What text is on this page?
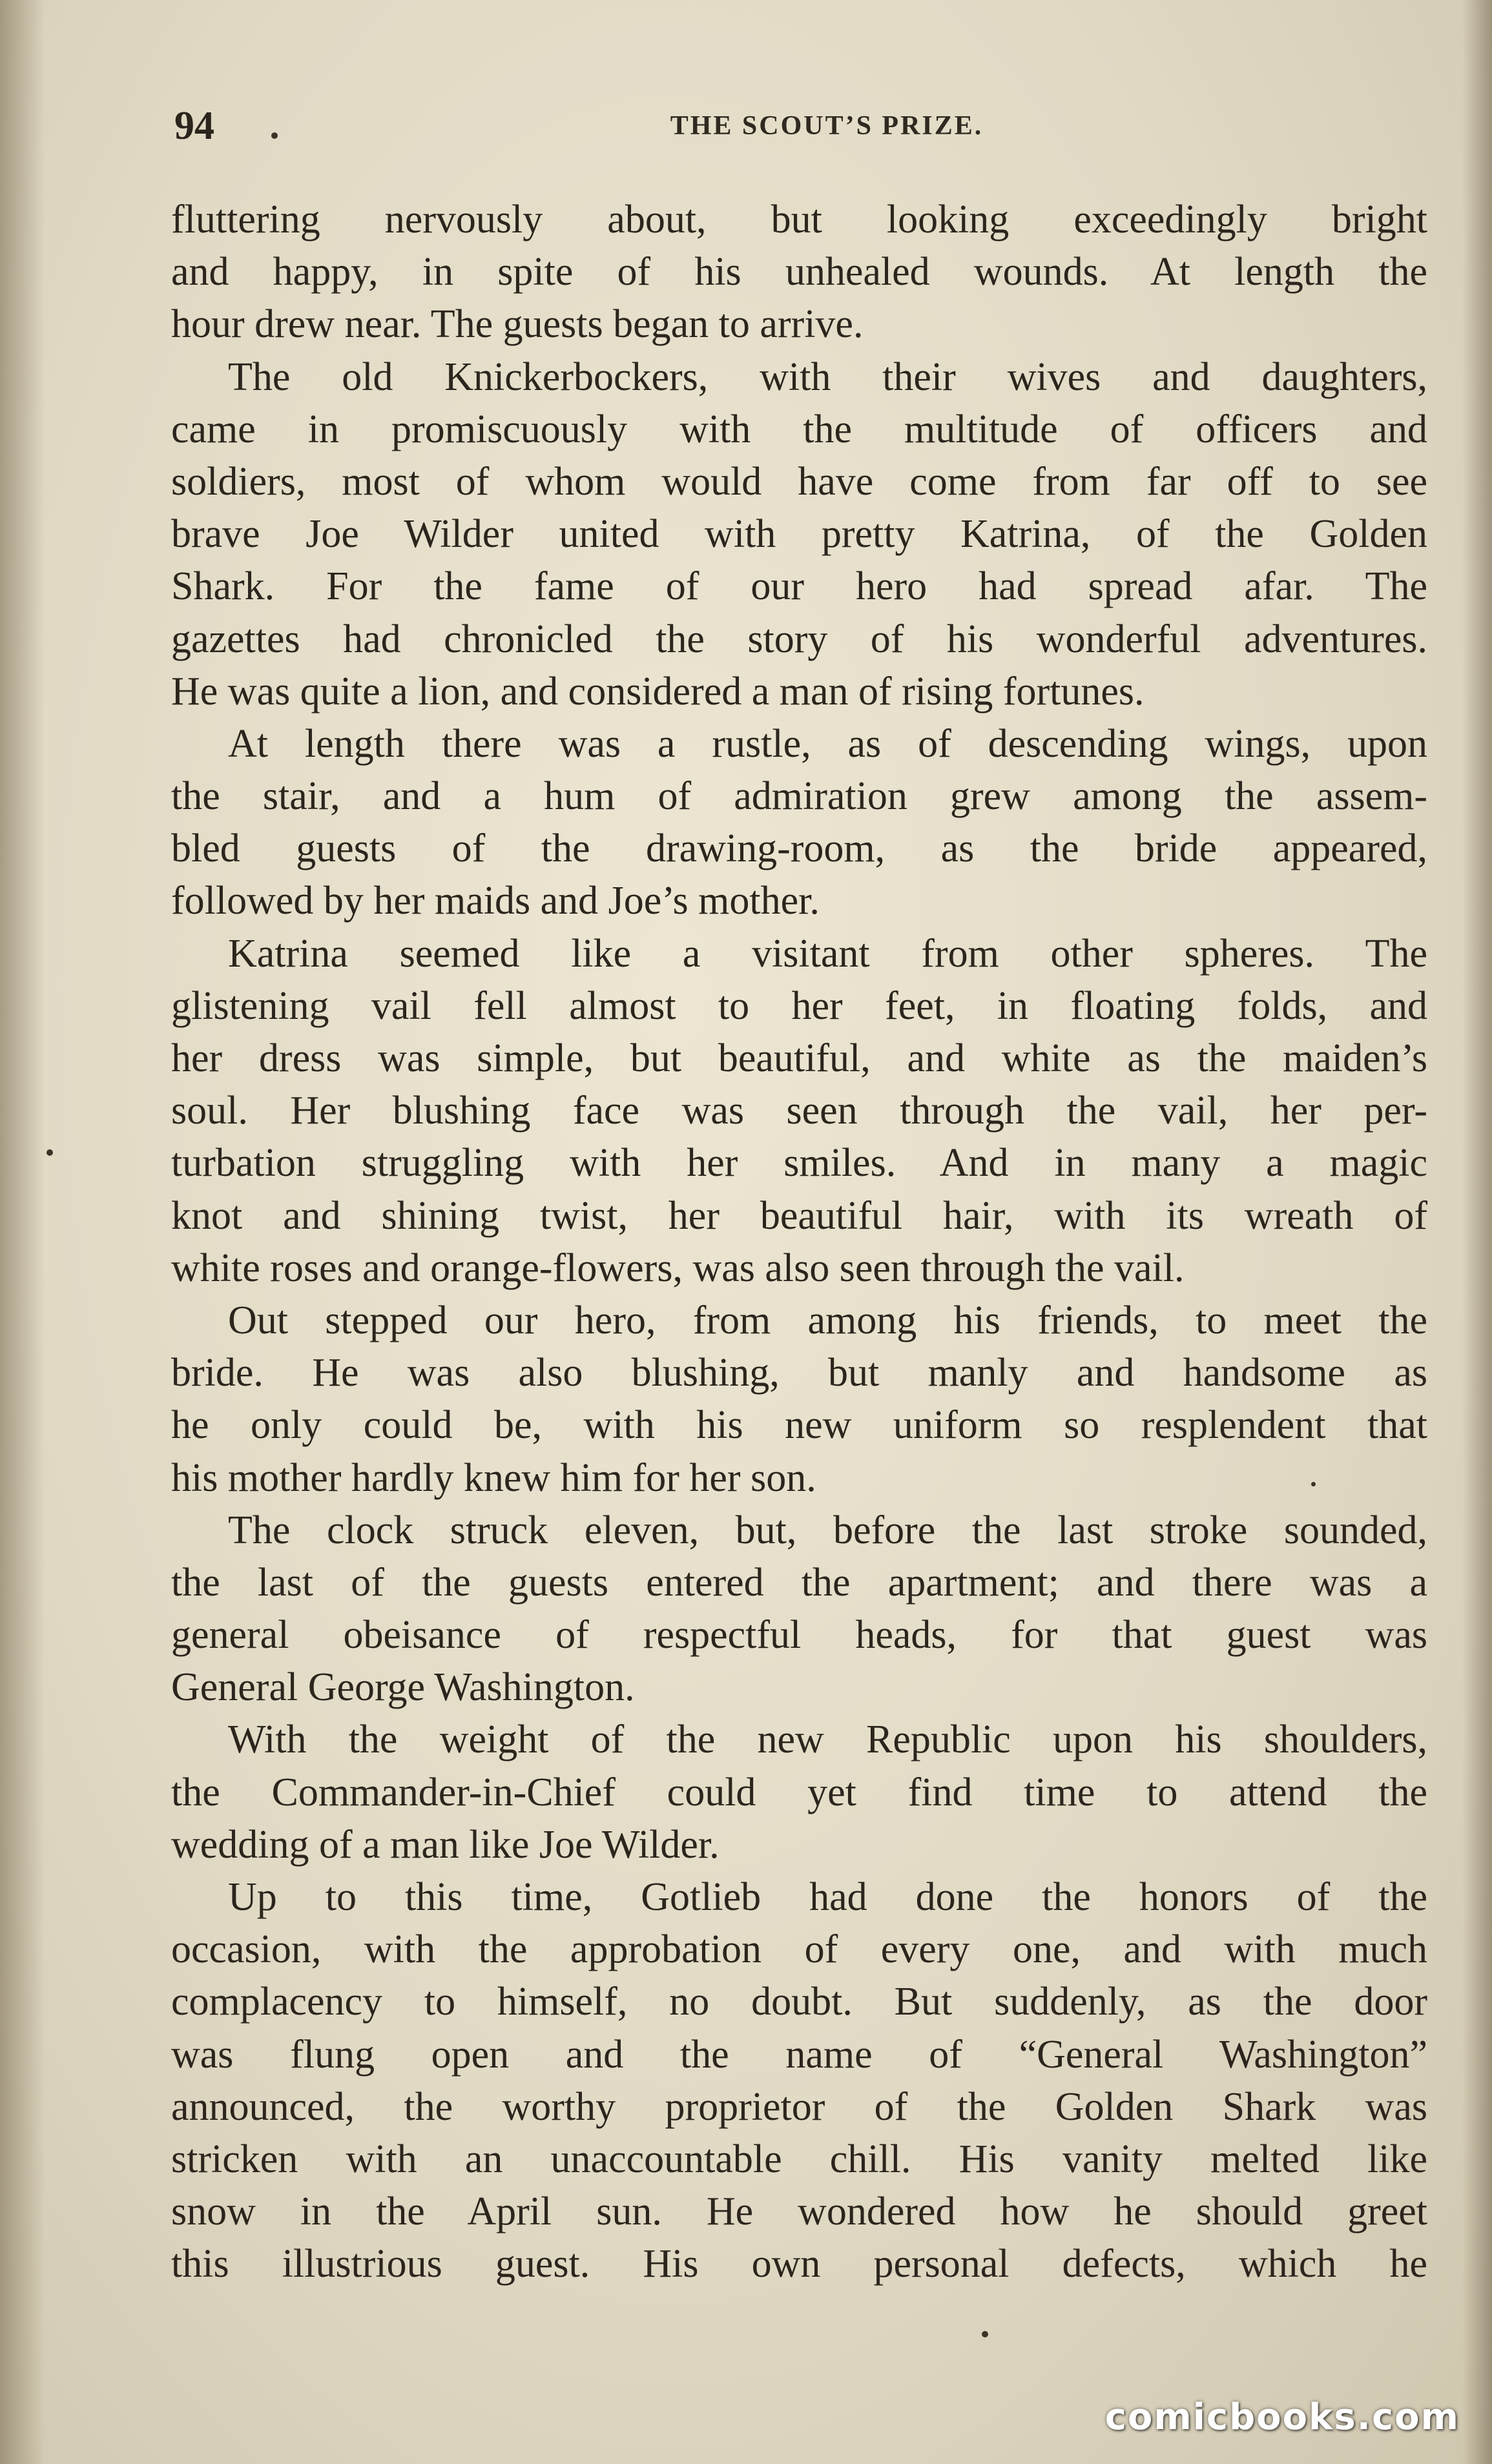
94	THE SCOUT’S PRIZE.
fluttering nervously about, but looking exceedingly bright
and happy, in spite of his unhealed wounds. At length the
hour drew near. The guests began to arrive.
The old Knickerbockers, with their wives and daughters,
came in promiscuously with the multitude of officers and
soldiers, most of whom would have come from far off to see
brave Joe Wilder united with pretty Katrina, of the Golden
Shark. For the fame of our hero had spread afar. The
gazettes had chronicled the story of his wonderful adventures.
He was quite a lion, and considered a man of rising fortunes.
At length there was a rustle, as of descending wings, upon
the stair, and a hum of admiration grew among the assem-
bled guests of the drawing-room, as the bride appeared,
followed by her maids and Joe’s mother.
Katrina seemed like a visitant from other spheres. The
glistening vail fell almost to her feet, in floating folds, and
her dress was simple, but beautiful, and white as the maiden’s
soul. Her blushing face was seen through the vail, her per-
turbation struggling with her smiles. And in many a magic
knot and shining twist, her beautiful hair, with its wreath of
white roses and orange-flowers, was also seen through the vail.
Out stepped our hero, from among his friends, to meet the
bride. He was also blushing, but manly and handsome as
he only could be, with his new uniform so resplendent that
his mother hardly knew him for her son.
The clock struck eleven, but, before the last stroke sounded,
the last of the guests entered the apartment; and there was a
general obeisance of respectful heads, for that guest was
General George Washington.
With the weight of the new Republic upon his shoulders,
the Commander-in-Chief could yet find time to attend the
wedding of a man like Joe Wilder.
Up to this time, Gotlieb had done the honors of the
occasion, with the approbation of every one, and with much
complacency to himself, no doubt. But suddenly, as the door
was flung open and the name of “General Washington”
announced, the worthy proprietor of the Golden Shark was
stricken with an unaccountable chill. His vanity melted like
snow in the April sun. He wondered how he should greet
this illustrious guest. His own personal defects, which he
comicbooks.com
